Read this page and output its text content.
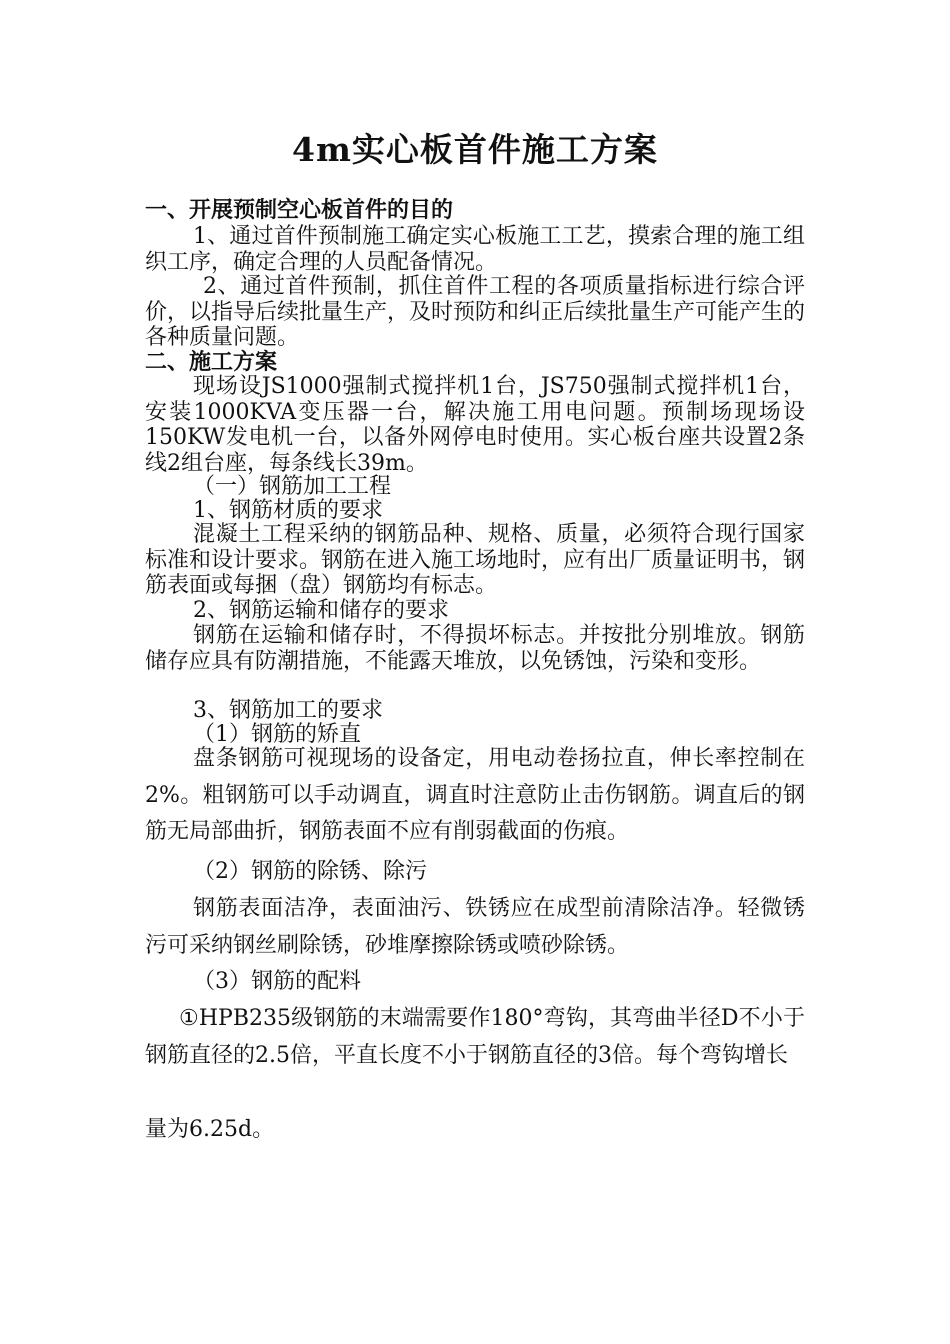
4m实心板首件施工方案

一、开展预制空心板首件的目的

1、通过首件预制施工确定实心板施工工艺，摸索合理的施工组织工序，确定合理的人员配备情况。

2、通过首件预制，抓住首件工程的各项质量指标进行综合评价，以指导后续批量生产，及时预防和纠正后续批量生产可能产生的各种质量问题。

二、施工方案

现场设JS1000强制式搅拌机1台，JS750强制式搅拌机1台，安装1000KVA变压器一台，解决施工用电问题。预制场现场设150KW发电机一台，以备外网停电时使用。实心板台座共设置2条线2组台座，每条线长39m。

（一）钢筋加工工程
1、钢筋材质的要求

混凝土工程采纳的钢筋品种、规格、质量，必须符合现行国家标准和设计要求。钢筋在进入施工场地时，应有出厂质量证明书，钢筋表面或每捆（盘）钢筋均有标志。

2、钢筋运输和储存的要求

钢筋在运输和储存时，不得损坏标志。并按批分别堆放。钢筋储存应具有防潮措施，不能露天堆放，以免锈蚀，污染和变形。

3、钢筋加工的要求
（1）钢筋的矫直

盘条钢筋可视现场的设备定，用电动卷扬拉直，伸长率控制在2%。粗钢筋可以手动调直，调直时注意防止击伤钢筋。调直后的钢筋无局部曲折，钢筋表面不应有削弱截面的伤痕。

（2）钢筋的除锈、除污

钢筋表面洁净，表面油污、铁锈应在成型前清除洁净。轻微锈污可采纳钢丝刷除锈，砂堆摩擦除锈或喷砂除锈。

（3）钢筋的配料

①HPB235级钢筋的末端需要作180°弯钩，其弯曲半径D不小于钢筋直径的2.5倍，平直长度不小于钢筋直径的3倍。每个弯钩增长

量为6.25d。
